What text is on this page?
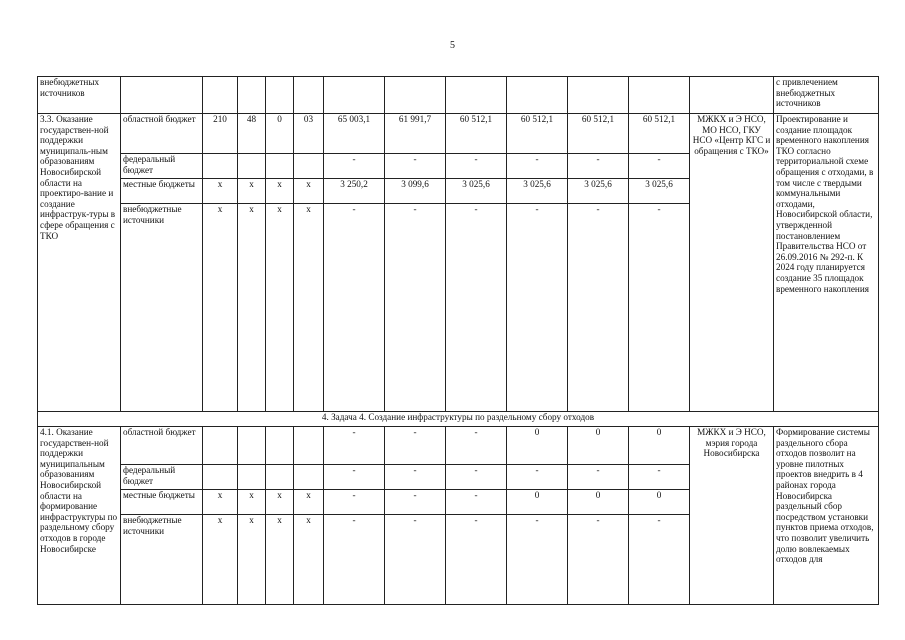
5
внебюджетных источников													с привлечением внебюджетных источников
3.3. Оказание государствен-ной поддержки муниципаль-ным образованиям Новосибирской области на проектиро-вание и создание инфраструк-туры в сфере обращения с ТКО	областной бюджет	210	48	0	03	65 003,1	61 991,7	60 512,1	60 512,1	60 512,1	60 512,1	МЖКХ и Э НСО, МО НСО, ГКУ НСО «Центр КГС и обращения с ТКО»	Проектирование и создание площадок временного накопления ТКО согласно территориальной схеме обращения с отходами, в том числе с твердыми коммунальными отходами, Новосибирской области, утвержденной постановлением Правительства НСО от 26.09.2016 № 292-п. К 2024 году планируется создание 35 площадок временного накопления
	федеральный бюджет					-	-	-	-	-	-		
	местные бюджеты	x	x	x	x	3 250,2	3 099,6	3 025,6	3 025,6	3 025,6	3 025,6		
	внебюджетные источники	x	x	x	x	-	-	-	-	-	-		
4. Задача 4. Создание инфраструктуры по раздельному сбору отходов													
4.1. Оказание государствен-ной поддержки муниципальным образованиям Новосибирской области на формирование инфраструктуры по раздельному сбору отходов в городе Новосибирске	областной бюджет					-	-	-	0	0	0	МЖКХ и Э НСО, мэрия города Новосибирска	Формирование системы раздельного сбора отходов позволит на уровне пилотных проектов внедрить в 4 районах города Новосибирска раздельный сбор посредством установки пунктов приема отходов, что позволит увеличить долю вовлекаемых отходов для
	федеральный бюджет					-	-	-	-	-	-		
	местные бюджеты	x	x	x	x	-	-	-	0	0	0		
	внебюджетные источники	x	x	x	x	-	-	-	-	-	-		
